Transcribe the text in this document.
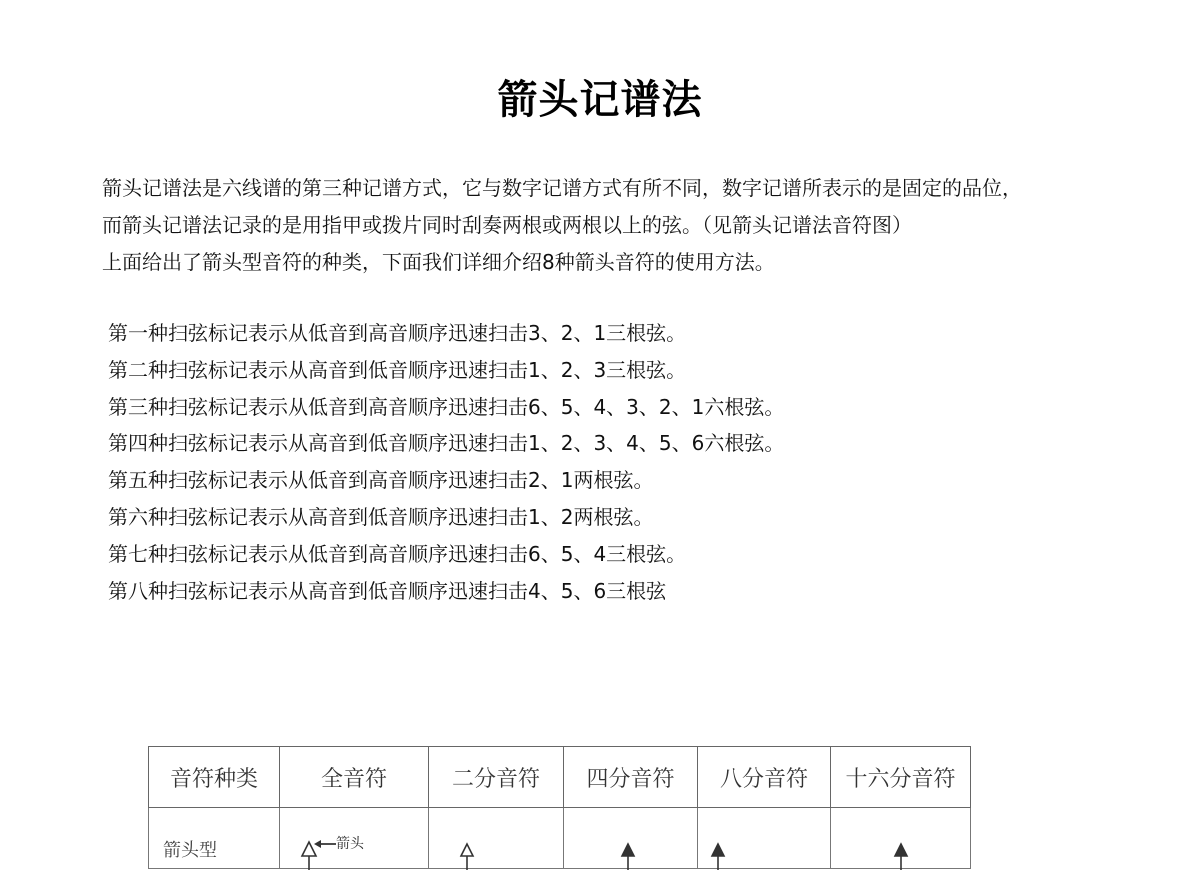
箭头记谱法

箭头记谱法是六线谱的第三种记谱方式，它与数字记谱方式有所不同，数字记谱所表示的是固定的品位，

而箭头记谱法记录的是用指甲或拨片同时刮奏两根或两根以上的弦。（见箭头记谱法音符图）

上面给出了箭头型音符的种类，下面我们详细介绍8种箭头音符的使用方法。

第一种扫弦标记表示从低音到高音顺序迅速扫击3、2、1三根弦。
第二种扫弦标记表示从高音到低音顺序迅速扫击1、2、3三根弦。
第三种扫弦标记表示从低音到高音顺序迅速扫击6、5、4、3、2、1六根弦。
第四种扫弦标记表示从高音到低音顺序迅速扫击1、2、3、4、5、6六根弦。
第五种扫弦标记表示从低音到高音顺序迅速扫击2、1两根弦。
第六种扫弦标记表示从高音到低音顺序迅速扫击1、2两根弦。
第七种扫弦标记表示从低音到高音顺序迅速扫击6、5、4三根弦。
第八种扫弦标记表示从高音到低音顺序迅速扫击4、5、6三根弦
音符种类	全音符	二分音符	四分音符	八分音符	十六分音符

箭头型	箭头
